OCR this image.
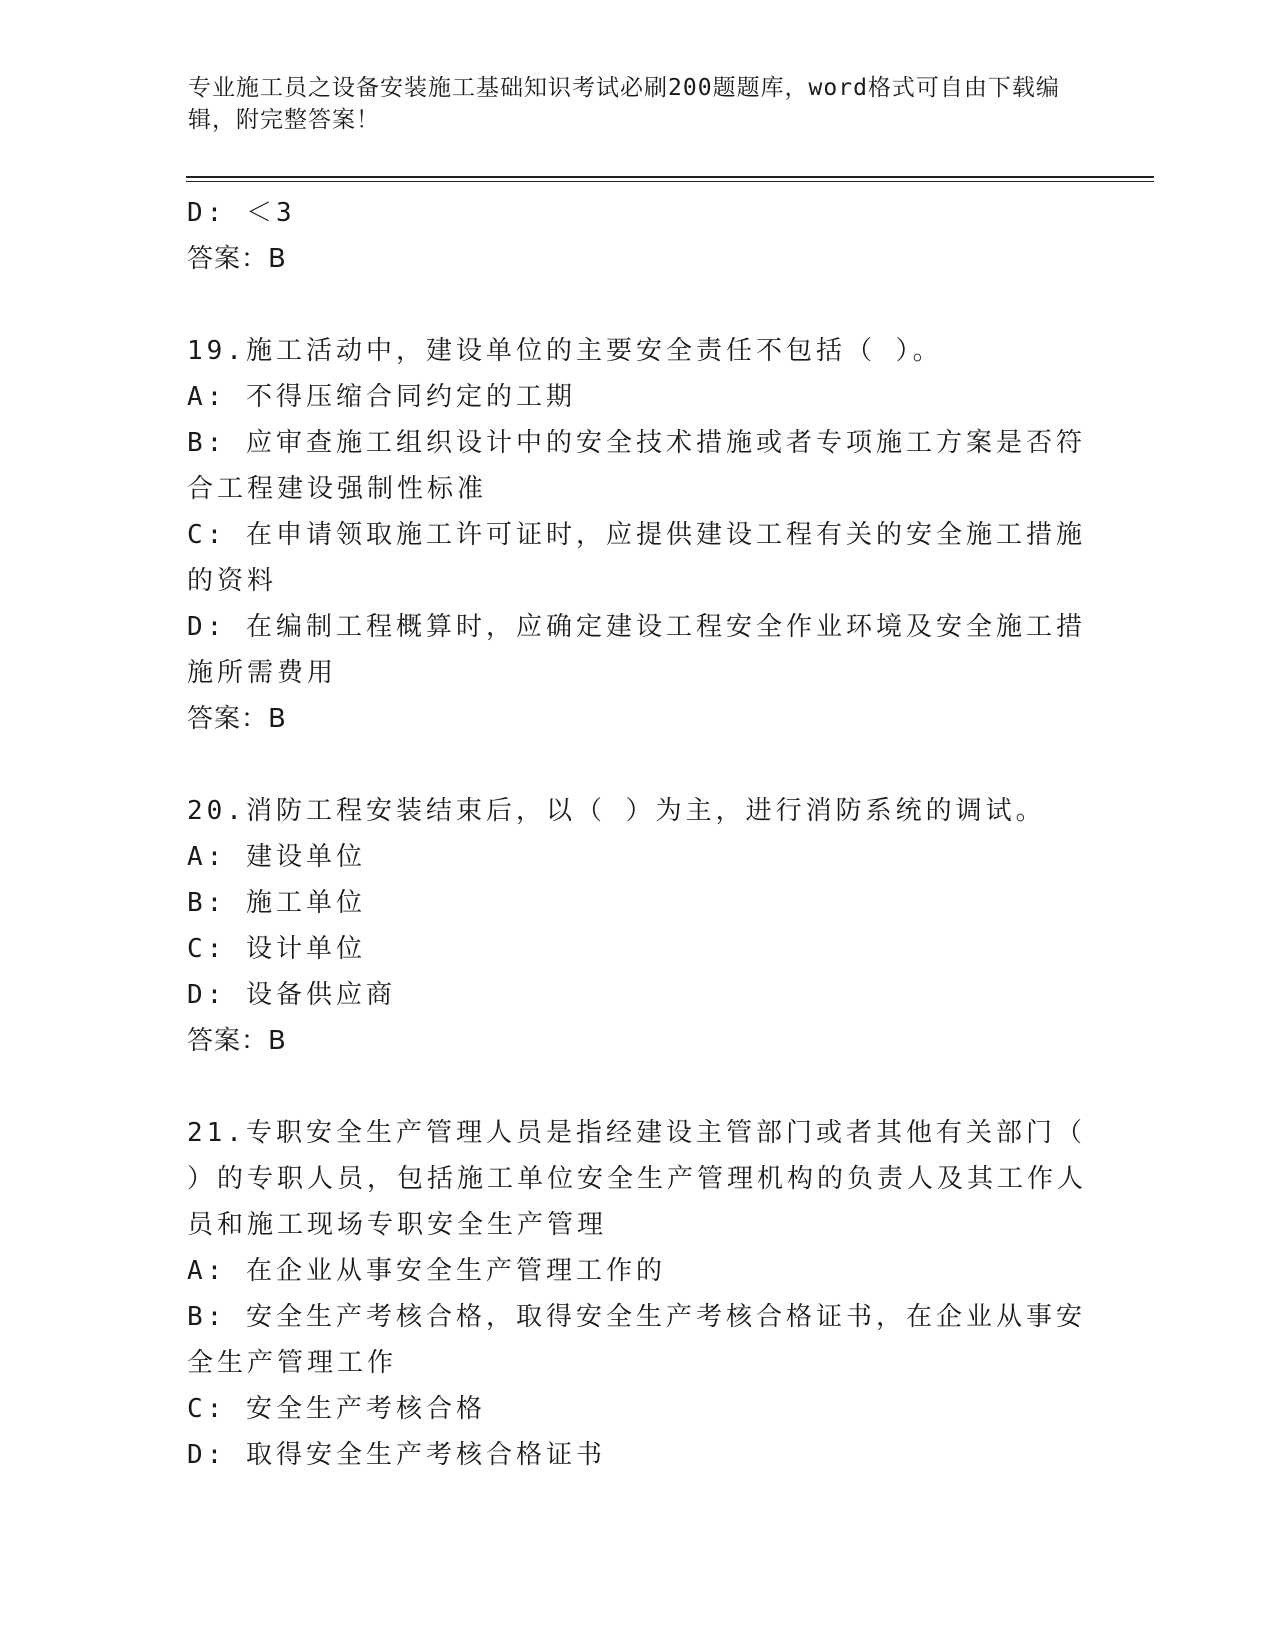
专业施工员之设备安装施工基础知识考试必刷200题题库，word格式可自由下载编辑，附完整答案！
D: ＜3
答案：B
19.施工活动中，建设单位的主要安全责任不包括（ ）。
A: 不得压缩合同约定的工期
B: 应审查施工组织设计中的安全技术措施或者专项施工方案是否符合工程建设强制性标准
C: 在申请领取施工许可证时，应提供建设工程有关的安全施工措施的资料
D: 在编制工程概算时，应确定建设工程安全作业环境及安全施工措施所需费用
答案：B
20.消防工程安装结束后，以（ ）为主，进行消防系统的调试。
A: 建设单位
B: 施工单位
C: 设计单位
D: 设备供应商
答案：B
21.专职安全生产管理人员是指经建设主管部门或者其他有关部门（ ）的专职人员，包括施工单位安全生产管理机构的负责人及其工作人员和施工现场专职安全生产管理
A: 在企业从事安全生产管理工作的
B: 安全生产考核合格，取得安全生产考核合格证书，在企业从事安全生产管理工作
C: 安全生产考核合格
D: 取得安全生产考核合格证书
